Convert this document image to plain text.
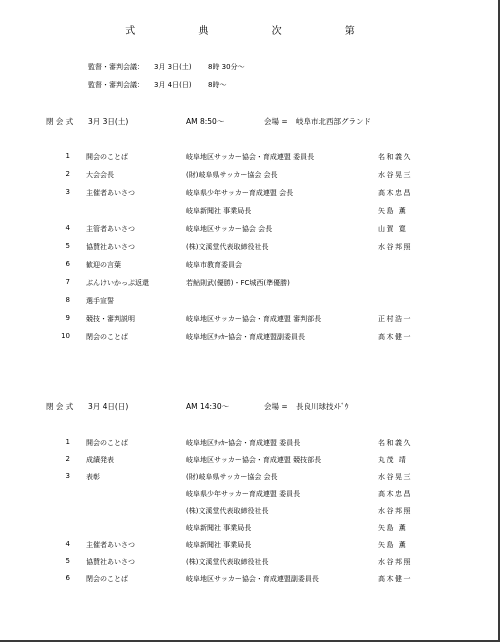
式 典 次 第
監督・審判会議： 3月 3日(土) 8時 30分～
監督・審判会議： 3月 4日(日) 8時～
閉 会 式 3月 3日(土)	AM 8:50～	会場 = 岐阜市北西部グランド
1 開会のことば	岐阜地区サッカー協会・育成連盟 委員長	名和義久
2 大会会長	(財)岐阜県サッカー協会 会長	水谷晃三
3 主催者あいさつ	岐阜県少年サッカー育成連盟 会長	高木忠昌
岐阜新聞社 事業局長	矢島 薫
4 主管者あいさつ	岐阜地区サッカー協会 会長	山賀 寛
5 協賛社あいさつ	(株)文溪堂代表取締役社長	水谷邦照
6 歓迎の言葉	岐阜市教育委員会
7 ぶんけいかっぷ返還	若鮎則武(優勝)・FC城西(準優勝)
8 選手宣誓
9 競技・審判説明	岐阜地区サッカー協会・育成連盟 審判部長	正村浩一
10 閉会のことば	岐阜地区ｻｯｶｰ協会・育成連盟副委員長	高木健一
閉 会 式 3月 4日(日)	AM 14:30～	会場 = 長良川球技ﾒﾄﾞｳ
1 開会のことば	岐阜地区ｻｯｶｰ協会・育成連盟 委員長	名和義久
2 成績発表	岐阜地区サッカー協会・育成連盟 競技部長	丸茂 靖
3 表彰	(財)岐阜県サッカー協会 会長	水谷晃三
岐阜県少年サッカー育成連盟 委員長	高木忠昌
(株)文溪堂代表取締役社長	水谷邦照
岐阜新聞社 事業局長	矢島 薫
4 主催者あいさつ	岐阜新聞社 事業局長	矢島 薫
5 協賛社あいさつ	(株)文溪堂代表取締役社長	水谷邦照
6 閉会のことば	岐阜地区サッカー協会・育成連盟副委員長	高木健一
